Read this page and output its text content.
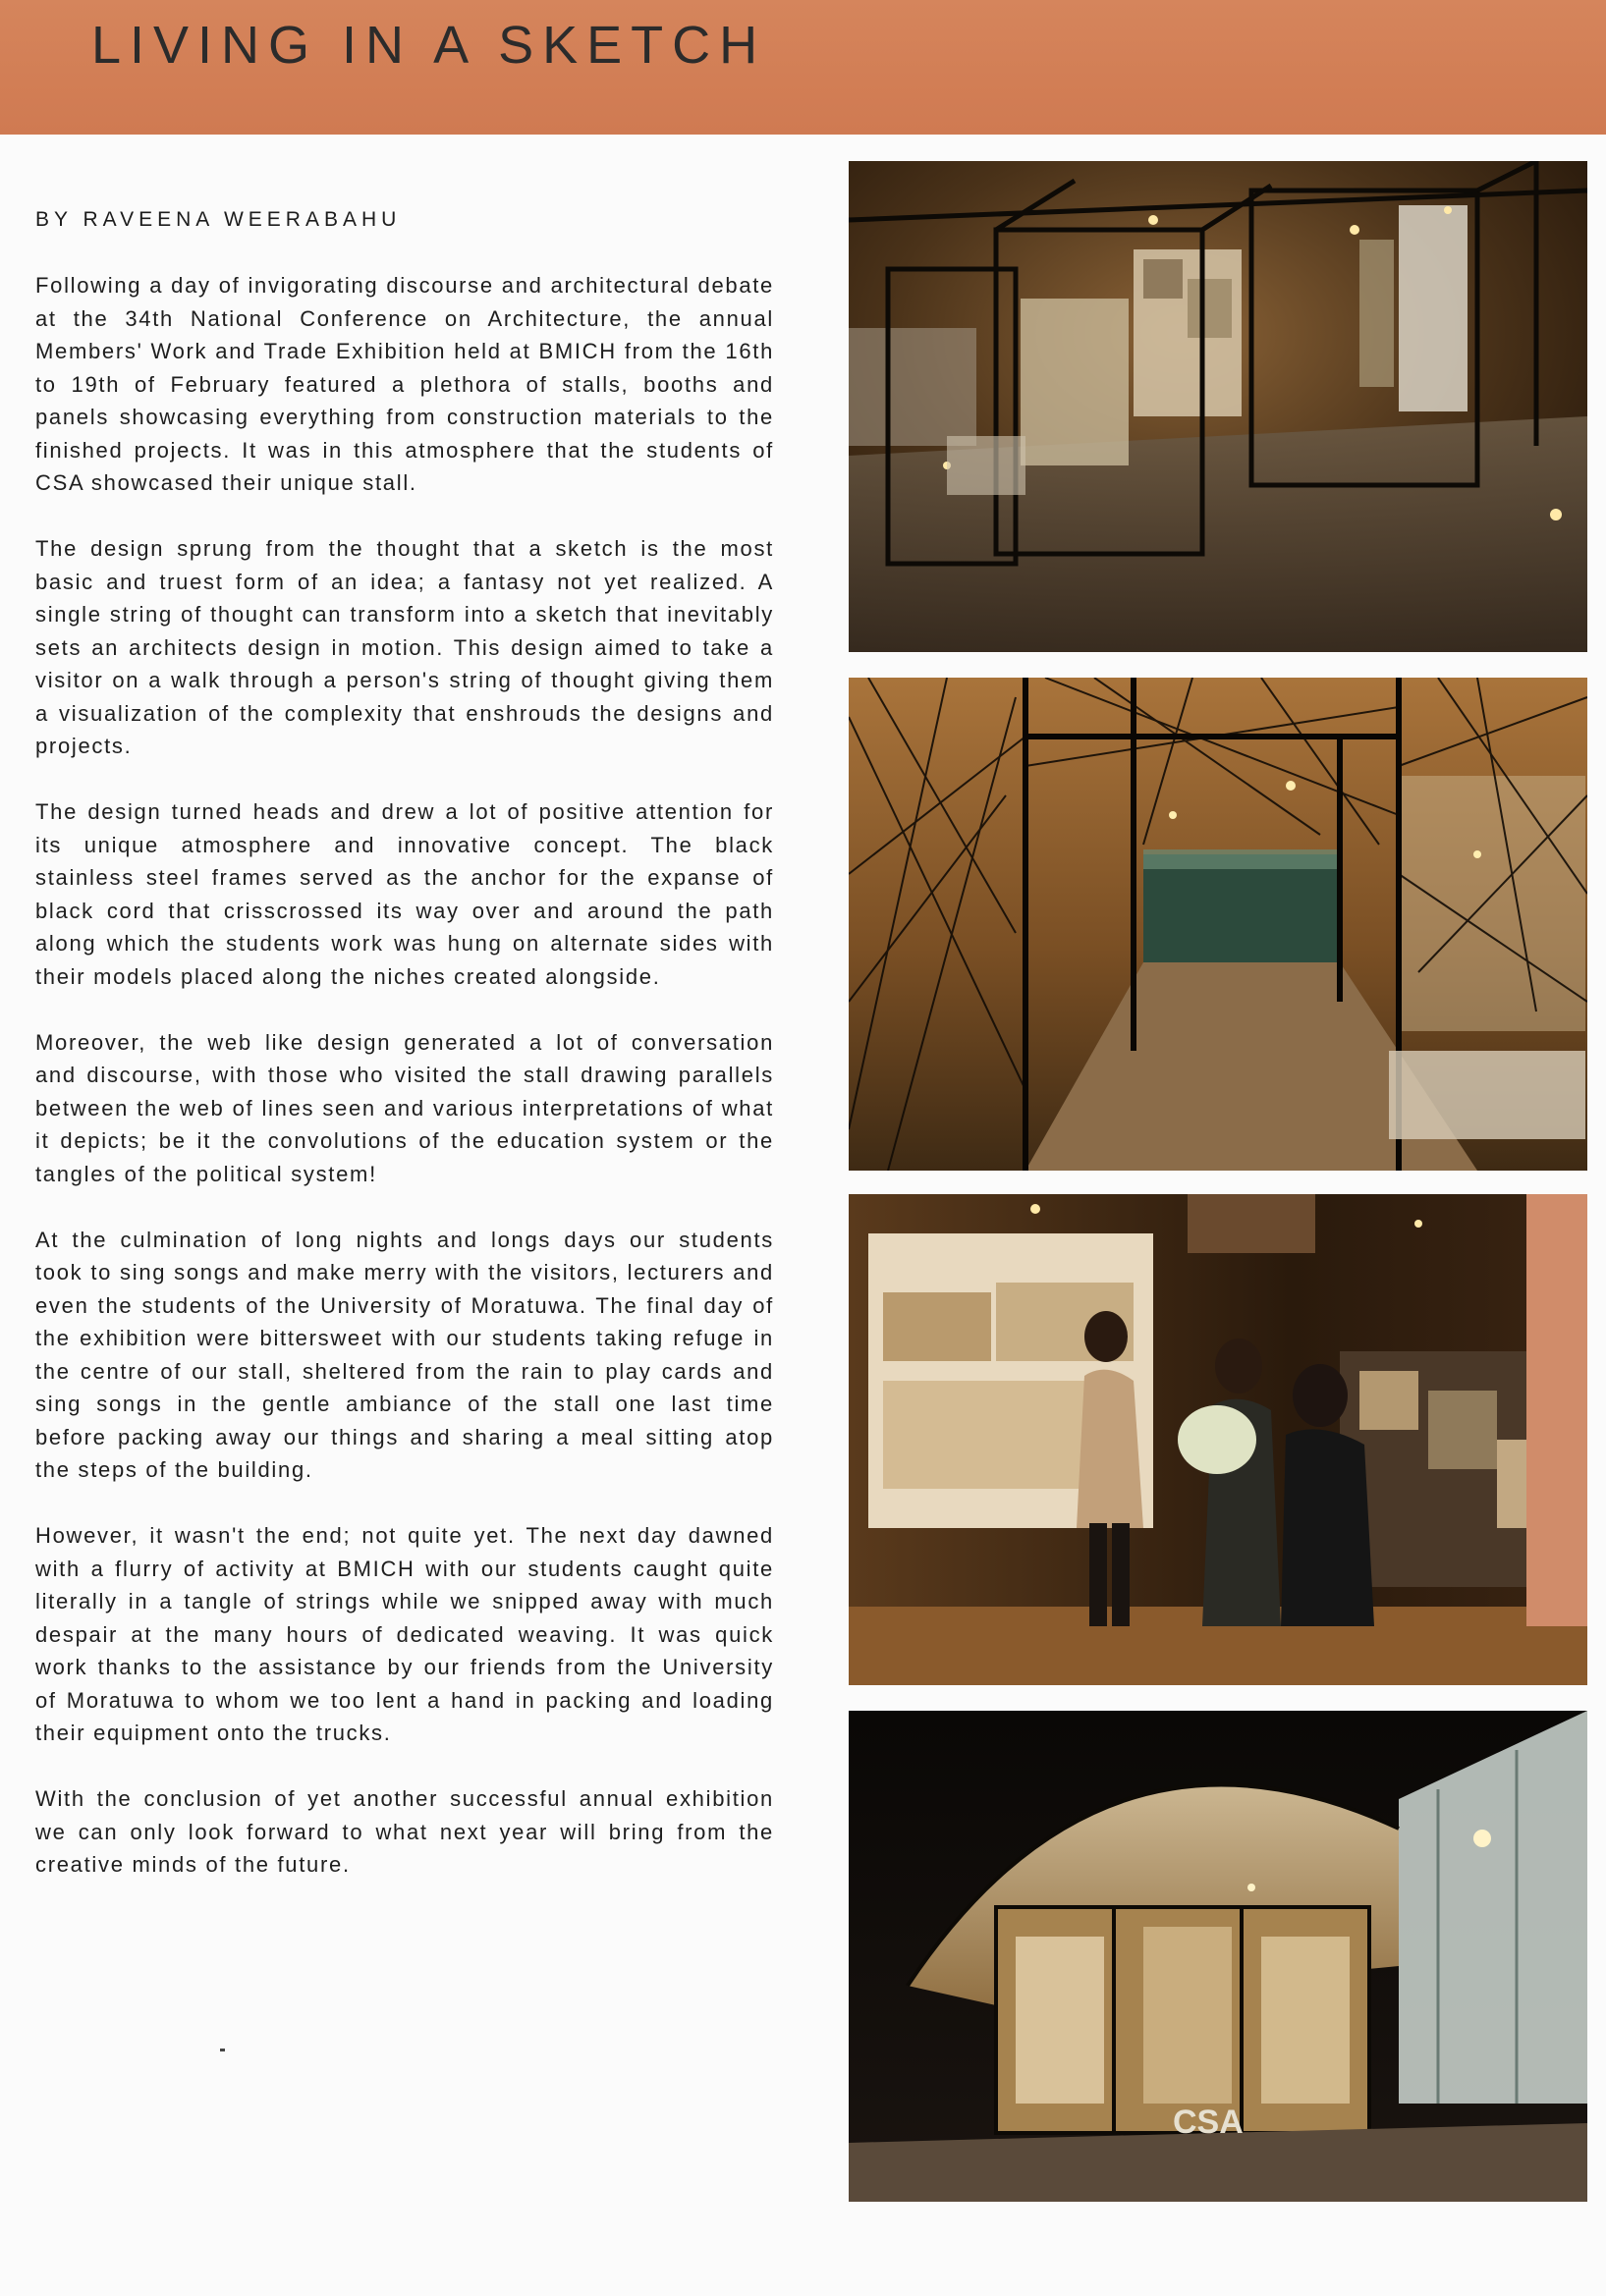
LIVING IN A SKETCH
BY RAVEENA WEERABAHU

Following a day of invigorating discourse and architectural debate at the 34th National Conference on Architecture, the annual Members' Work and Trade Exhibition held at BMICH from the 16th to 19th of February featured a plethora of stalls, booths and panels showcasing everything from construction materials to the finished projects. It was in this atmosphere that the students of CSA showcased their unique stall.

The design sprung from the thought that a sketch is the most basic and truest form of an idea; a fantasy not yet realized. A single string of thought can transform into a sketch that inevitably sets an architects design in motion. This design aimed to take a visitor on a walk through a person's string of thought giving them a visualization of the complexity that enshrouds the designs and projects.

The design turned heads and drew a lot of positive attention for its unique atmosphere and innovative concept. The black stainless steel frames served as the anchor for the expanse of black cord that crisscrossed its way over and around the path along which the students work was hung on alternate sides with their models placed along the niches created alongside.

Moreover, the web like design generated a lot of conversation and discourse, with those who visited the stall drawing parallels between the web of lines seen and various interpretations of what it depicts; be it the convolutions of the education system or the tangles of the political system!

At the culmination of long nights and longs days our students took to sing songs and make merry with the visitors, lecturers and even the students of the University of Moratuwa. The final day of the exhibition were bittersweet with our students taking refuge in the centre of our stall, sheltered from the rain to play cards and sing songs in the gentle ambiance of the stall one last time before packing away our things and sharing a meal sitting atop the steps of the building.

However, it wasn't the end; not quite yet. The next day dawned with a flurry of activity at BMICH with our students caught quite literally in a tangle of strings while we snipped away with much despair at the many hours of dedicated weaving. It was quick work thanks to the assistance by our friends from the University of Moratuwa to whom we too lent a hand in packing and loading their equipment onto the trucks.

With the conclusion of yet another successful annual exhibition we can only look forward to what next year will bring from the creative minds of the future.

CSA
